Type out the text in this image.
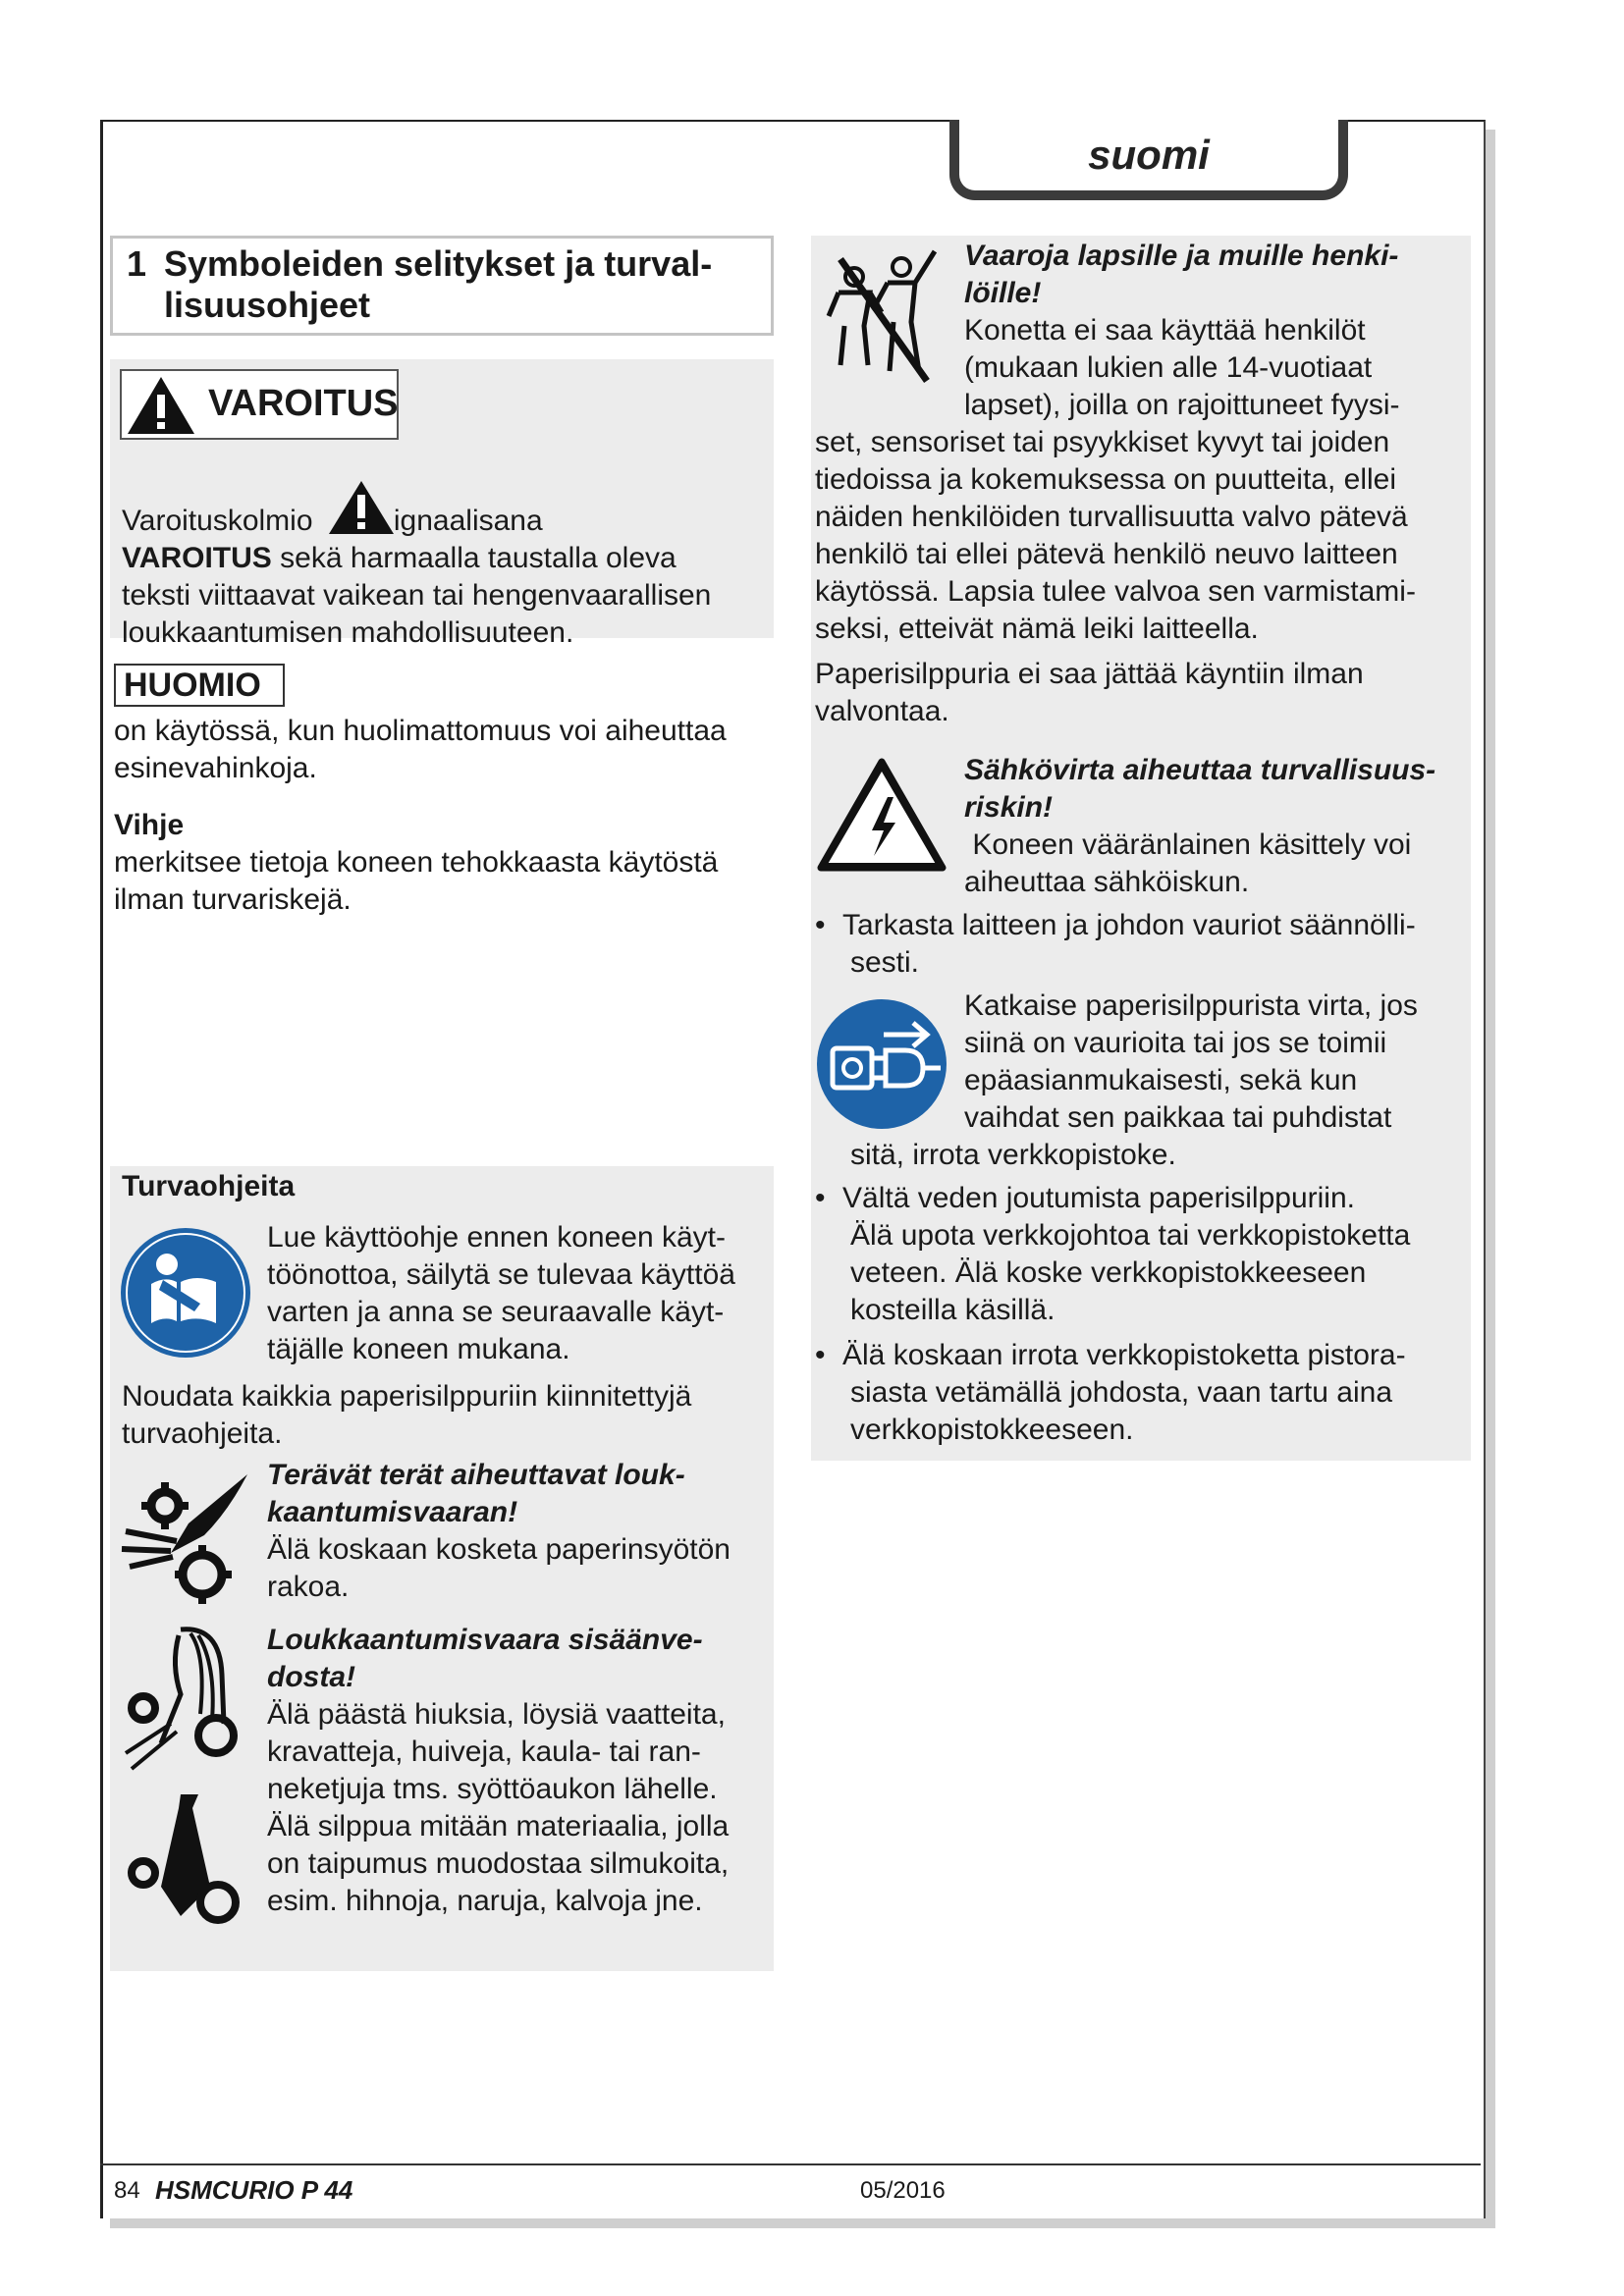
suomi
1 Symboleiden selitykset ja turval-
lisuusohjeet
VAROITUS
Varoituskolmio	ignaalisana
VAROITUS sekä harmaalla taustalla oleva
teksti viittaavat vaikean tai hengenvaarallisen
loukkaantumisen mahdollisuuteen.
HUOMIO
on käytössä, kun huolimattomuus voi aiheuttaa
esinevahinkoja.
Vihje
merkitsee tietoja koneen tehokkaasta käytöstä
ilman turvariskejä.
Turvaohjeita
Lue käyttöohje ennen koneen käyt-
töönottoa, säilytä se tulevaa käyttöä
varten ja anna se seuraavalle käyt-
täjälle koneen mukana.
Noudata kaikkia paperisilppuriin kiinnitettyjä
turvaohjeita.
Terävät terät aiheuttavat louk-
kaantumisvaaran!
Älä koskaan kosketa paperinsyötön
rakoa.
Loukkaantumisvaara sisäänve-
dosta!
Älä päästä hiuksia, löysiä vaatteita,
kravatteja, huiveja, kaula- tai ran-
neketjuja tms. syöttöaukon lähelle.
Älä silppua mitään materiaalia, jolla
on taipumus muodostaa silmukoita,
esim. hihnoja, naruja, kalvoja jne.
Vaaroja lapsille ja muille henki-
löille!
Konetta ei saa käyttää henkilöt
(mukaan lukien alle 14-vuotiaat
lapset), joilla on rajoittuneet fyysi-
set, sensoriset tai psyykkiset kyvyt tai joiden
tiedoissa ja kokemuksessa on puutteita, ellei
näiden henkilöiden turvallisuutta valvo pätevä
henkilö tai ellei pätevä henkilö neuvo laitteen
käytössä. Lapsia tulee valvoa sen varmistami-
seksi, etteivät nämä leiki laitteella.
Paperisilppuria ei saa jättää käyntiin ilman
valvontaa.
Sähkövirta aiheuttaa turvallisuus-
riskin!
Koneen vääränlainen käsittely voi
aiheuttaa sähköiskun.
• Tarkasta laitteen ja johdon vauriot säännölli-
sesti.
Katkaise paperisilppurista virta, jos
siinä on vaurioita tai jos se toimii
epäasianmukaisesti, sekä kun
vaihdat sen paikkaa tai puhdistat
sitä, irrota verkkopistoke.
• Vältä veden joutumista paperisilppuriin.
Älä upota verkkojohtoa tai verkkopistoketta
veteen. Älä koske verkkopistokkeeseen
kosteilla käsillä.
• Älä koskaan irrota verkkopistoketta pistora-
siasta vetämällä johdosta, vaan tartu aina
verkkopistokkeeseen.
84 HSMCURIO P 44	05/2016
